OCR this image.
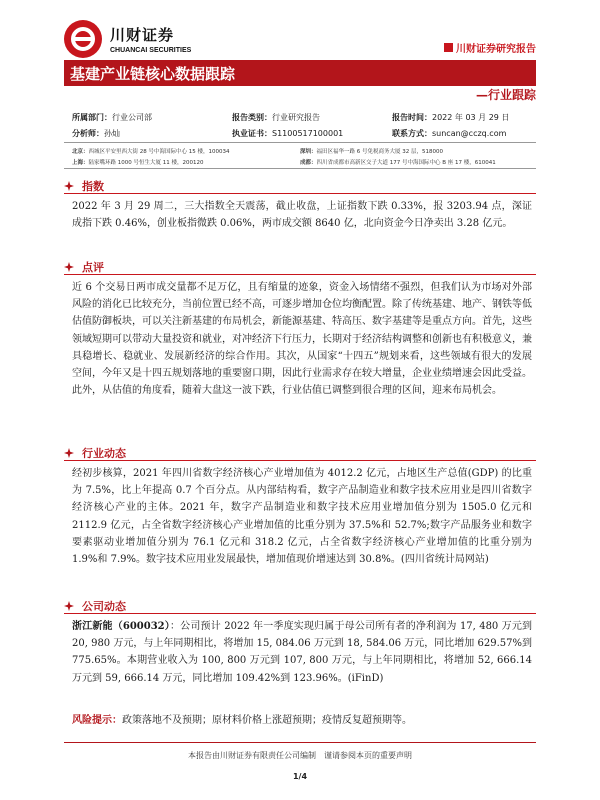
川财证券
CHUANCAI SECURITIES	川财证券研究报告
基建产业链核心数据跟踪
—行业跟踪
所属部门：行业公司部	报告类别：行业研究报告	报告时间：2022 年 03 月 29 日
分析师：孙灿	执业证书：S1100517100001	联系方式：suncan@cczq.com
北京：西城区平安里西大街 28 号中海国际中心 15 楼，100034	深圳：福田区福华一路 6 号免税商务大厦 32 层，518000
上海：陆家嘴环路 1000 号恒生大厦 11 楼，200120	成都：四川省成都市高新区交子大道 177 号中海国际中心 B 座 17 楼，610041
指数
2022 年 3 月 29 周二，三大指数全天震荡，截止收盘，上证指数下跌 0.33%，报 3203.94 点，深证成指下跌 0.46%，创业板指微跌 0.06%，两市成交额 8640 亿，北向资金今日净卖出 3.28 亿元。
点评
近 6 个交易日两市成交量都不足万亿，且有缩量的迹象，资金入场情绪不强烈，但我们认为市场对外部风险的消化已比较充分，当前位置已经不高，可逐步增加仓位均衡配置。除了传统基建、地产、钢铁等低估值防御板块，可以关注新基建的布局机会，新能源基建、特高压、数字基建等是重点方向。首先，这些领域短期可以带动大量投资和就业，对冲经济下行压力，长期对于经济结构调整和创新也有积极意义，兼具稳增长、稳就业、发展新经济的综合作用。其次，从国家“十四五”规划来看，这些领域有很大的发展空间，今年又是十四五规划落地的重要窗口期，因此行业需求存在较大增量，企业业绩增速会因此受益。此外，从估值的角度看，随着大盘这一波下跌，行业估值已调整到很合理的区间，迎来布局机会。
行业动态
经初步核算，2021 年四川省数字经济核心产业增加值为 4012.2 亿元，占地区生产总值(GDP) 的比重为 7.5%，比上年提高 0.7 个百分点。从内部结构看，数字产品制造业和数字技术应用业是四川省数字经济核心产业的主体。2021 年，数字产品制造业和数字技术应用业增加值分别为 1505.0 亿元和 2112.9 亿元，占全省数字经济核心产业增加值的比重分别为 37.5%和 52.7%;数字产品服务业和数字要素驱动业增加值分别为 76.1 亿元和 318.2 亿元，占全省数字经济核心产业增加值的比重分别为 1.9%和 7.9%。数字技术应用业发展最快，增加值现价增速达到 30.8%。(四川省统计局网站)
公司动态
浙江新能（600032）：公司预计 2022 年一季度实现归属于母公司所有者的净利润为 17, 480 万元到 20, 980 万元，与上年同期相比，将增加 15, 084.06 万元到 18, 584.06 万元，同比增加 629.57%到 775.65%。本期营业收入为 100, 800 万元到 107, 800 万元，与上年同期相比，将增加 52, 666.14 万元到 59, 666.14 万元，同比增加 109.42%到 123.96%。(iFinD)
风险提示：政策落地不及预期；原材料价格上涨超预期；疫情反复超预期等。
本报告由川财证券有限责任公司编制　谨请参阅本页的重要声明
1/4
